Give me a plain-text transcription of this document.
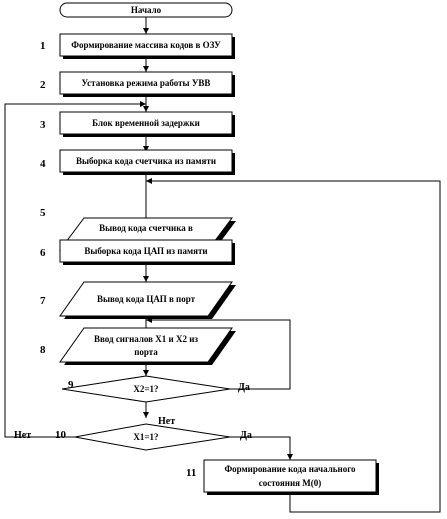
Начало
Формирование массива кодов в ОЗУ
1
Установка режима работы УВВ
2
Блок временной задержки
3
Выборка кода счетчика из памяти
4
Вывод кода счетчика в
5
Выборка кода ЦАП из памяти
6
Вывод кода ЦАП в порт
7
Ввод сигналов X1 и X2 из
порта
8
X2=1?
9	Да
X1=1?
10
Нет
Нет
Да
Формирование кода начального
состояния M(0)
11
